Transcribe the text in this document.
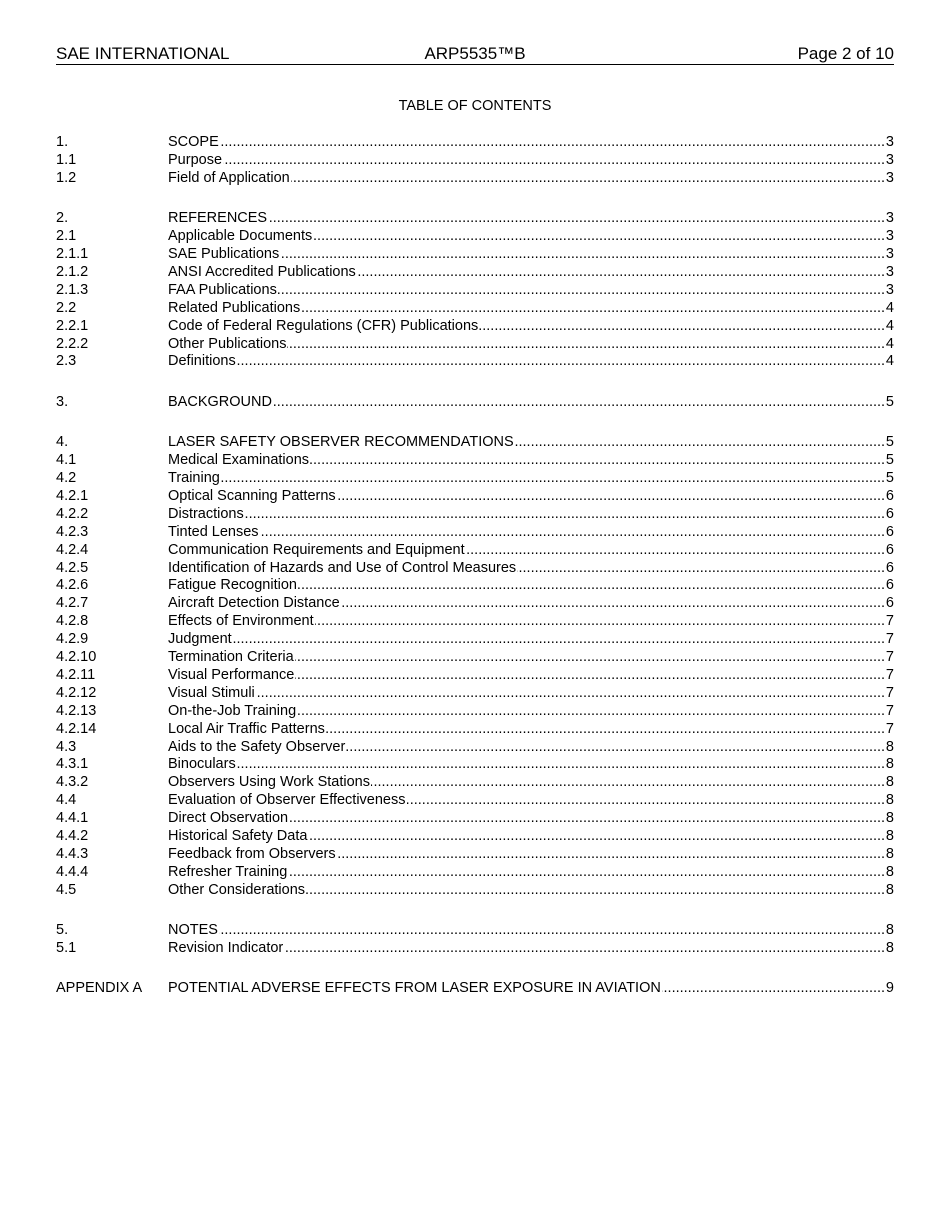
SAE INTERNATIONAL	ARP5535™B	Page 2 of 10
TABLE OF CONTENTS
1.	SCOPE	3
.....
1.1	Purpose	3
.....
1.2	Field of Application	3
.....
2.	REFERENCES	3
.....
2.1	Applicable Documents	3
.....
2.1.1	SAE Publications	3
.....
2.1.2	ANSI Accredited Publications	3
.....
2.1.3	FAA Publications	3
.....
2.2	Related Publications	4
.....
2.2.1	Code of Federal Regulations (CFR) Publications	4
.....
2.2.2	Other Publications	4
.....
2.3	Definitions	4
.....
3.	BACKGROUND	5
.....
4.	LASER SAFETY OBSERVER RECOMMENDATIONS	5
.....
4.1	Medical Examinations	5
.....
4.2	Training	5
.....
4.2.1	Optical Scanning Patterns	6
.....
4.2.2	Distractions	6
.....
4.2.3	Tinted Lenses	6
.....
4.2.4	Communication Requirements and Equipment	6
.....
4.2.5	Identification of Hazards and Use of Control Measures	6
.....
4.2.6	Fatigue Recognition	6
.....
4.2.7	Aircraft Detection Distance	6
.....
4.2.8	Effects of Environment	7
.....
4.2.9	Judgment	7
.....
4.2.10	Termination Criteria	7
.....
4.2.11	Visual Performance	7
.....
4.2.12	Visual Stimuli	7
.....
4.2.13	On-the-Job Training	7
.....
4.2.14	Local Air Traffic Patterns	7
.....
4.3	Aids to the Safety Observer	8
.....
4.3.1	Binoculars	8
.....
4.3.2	Observers Using Work Stations	8
.....
4.4	Evaluation of Observer Effectiveness	8
.....
4.4.1	Direct Observation	8
.....
4.4.2	Historical Safety Data	8
.....
4.4.3	Feedback from Observers	8
.....
4.4.4	Refresher Training	8
.....
4.5	Other Considerations	8
.....
5.	NOTES	8
.....
5.1	Revision Indicator	8
.....
APPENDIX A POTENTIAL ADVERSE EFFECTS FROM LASER EXPOSURE IN AVIATION	9
.....
